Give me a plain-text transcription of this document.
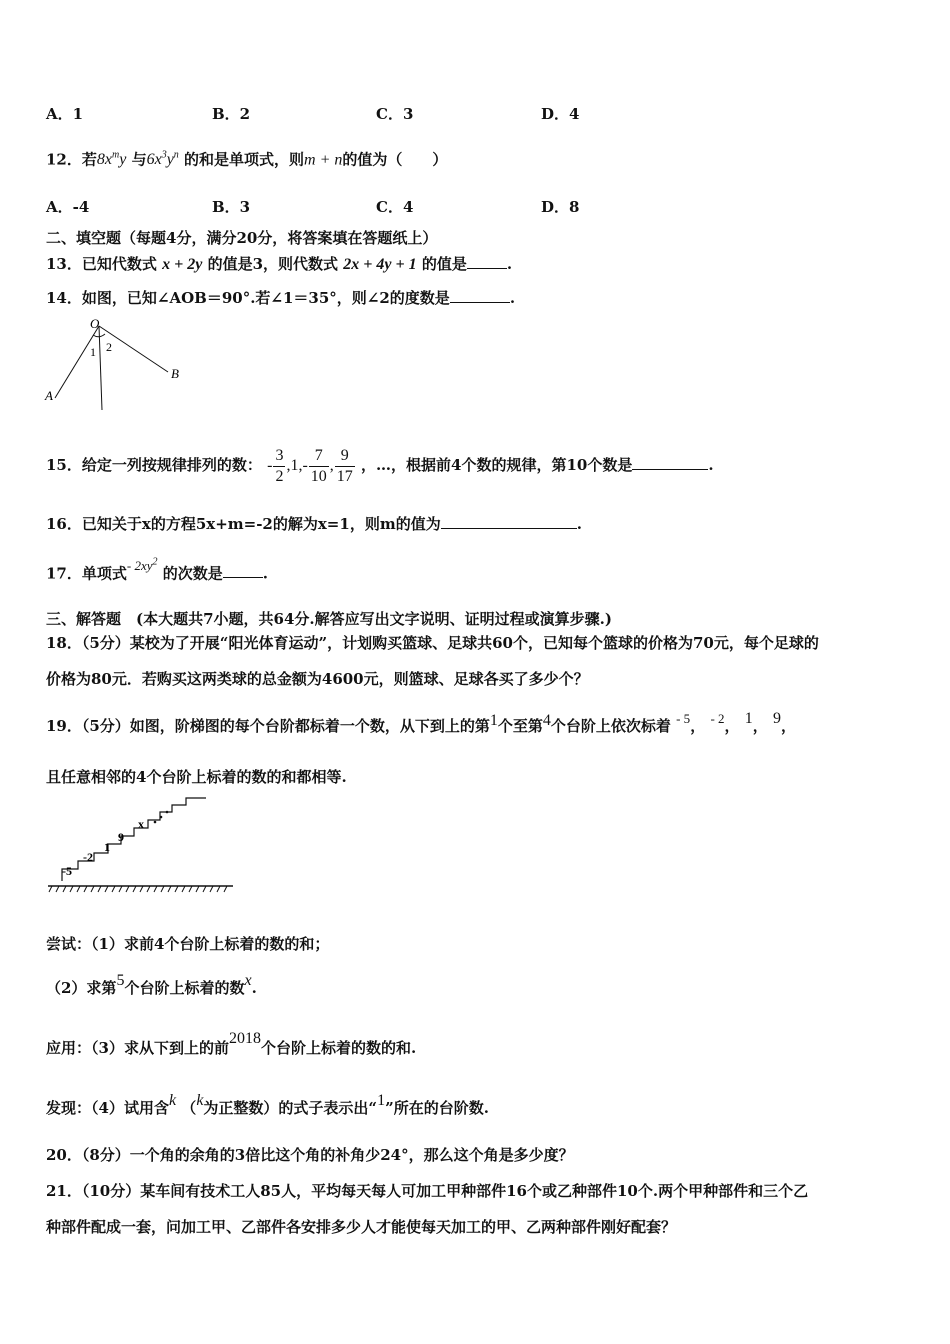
A．1	B．2	C．3	D．4
12．若$8x^my$ 与$6x^3y^n$ 的和是单项式，则m + n的值为（　　）
A．-4	B．3	C．4	D．8
二、填空题（每题4分，满分20分，将答案填在答题纸上）
13．已知代数式 x + 2y 的值是3，则代数式 2x + 4y + 1 的值是	.
14．如图，已知∠AOB＝90°.若∠1＝35°，则∠2的度数是	.
O
1 2
A
B
15．给定一列按规律排列的数： - $\frac{3}{2} ,1,- \frac{7}{10}$ , $\frac{9}{17}$ ，…，根据前4个数的规律，第10个数是	.
16．已知关于x的方程5x+m=-2的解为x=1，则m的值为	.
17．单项式- $2xy^2$ 的次数是	.
三、解答题　(本大题共7小题，共64分.解答应写出文字说明、证明过程或演算步骤.)
18．（5分）某校为了开展“阳光体育运动”，计划购买篮球、足球共60个，已知每个篮球的价格为70元，每个足球的
价格为80元．若购买这两类球的总金额为4600元，则篮球、足球各买了多少个？
19．（5分）如图，阶梯图的每个台阶都标着一个数，从下到上的第1个至第4个台阶上依次标着 - 5， - 2， 1， 9，
且任意相邻的4个台阶上标着的数的和都相等.
-5
-2
1
9
x
尝试：（1）求前4个台阶上标着的数的和；
（2）求第5个台阶上标着的数x.
应用：（3）求从下到上的前2018个台阶上标着的数的和.
发现：（4）试用含k （k为正整数）的式子表示出“1”所在的台阶数.
20．（8分）一个角的余角的3倍比这个角的补角少24°，那么这个角是多少度？
21．（10分）某车间有技术工人85人，平均每天每人可加工甲种部件16个或乙种部件10个.两个甲种部件和三个乙
种部件配成一套，问加工甲、乙部件各安排多少人才能使每天加工的甲、乙两种部件刚好配套？
